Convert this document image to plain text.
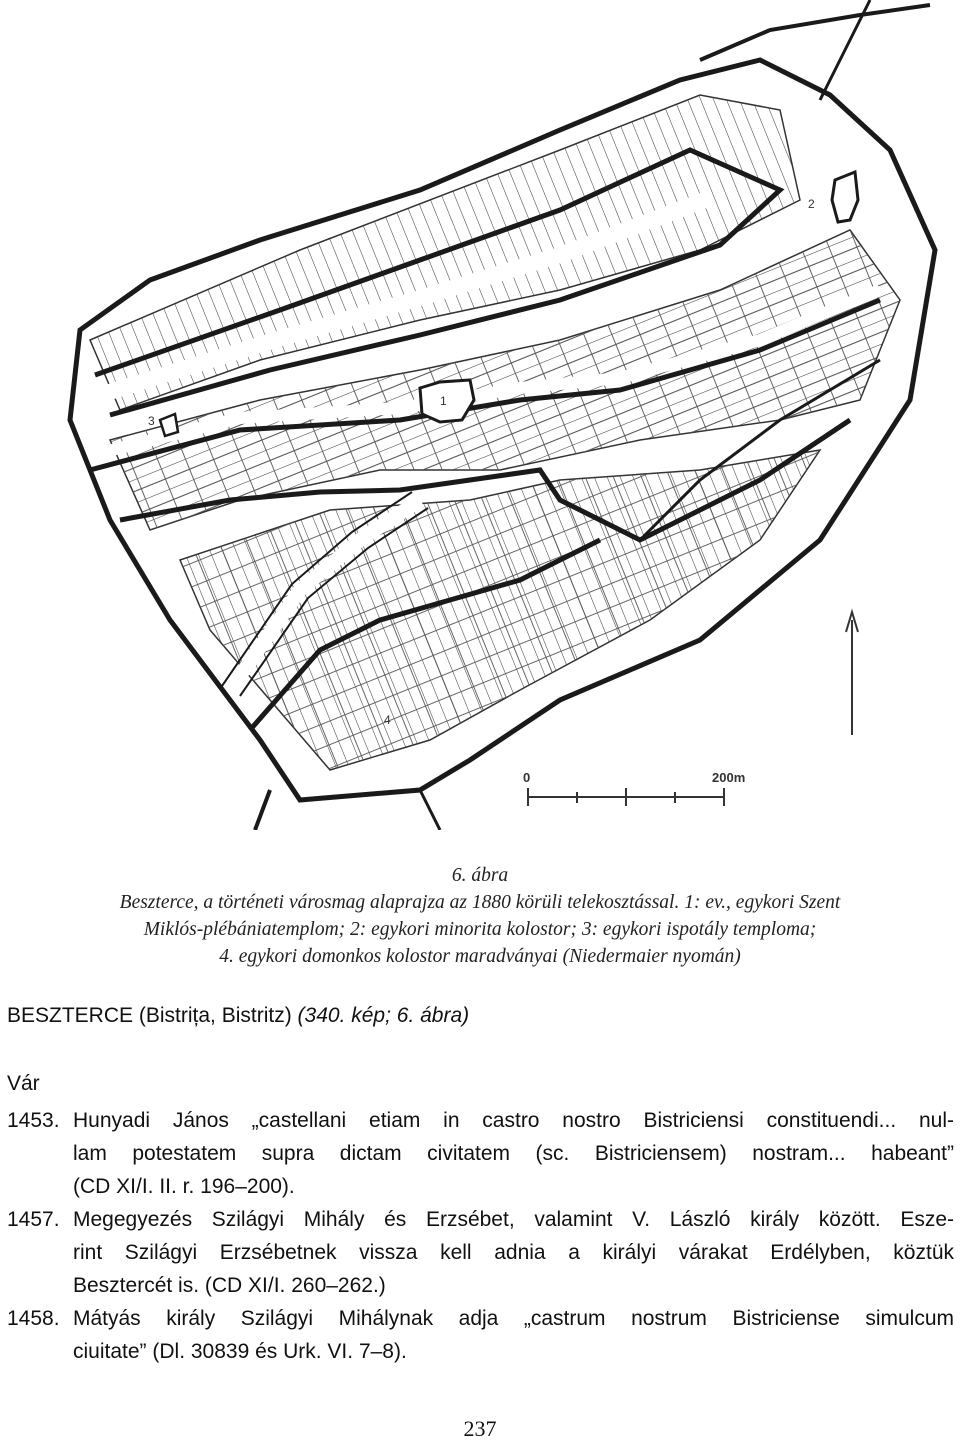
1
2
3
4
0	200m
6. ábra
Beszterce, a történeti városmag alaprajza az 1880 körüli telekosztással. 1: ev., egykori Szent
Miklós-plébániatemplom; 2: egykori minorita kolostor; 3: egykori ispotály temploma;
4. egykori domonkos kolostor maradványai (Niedermaier nyomán)
BESZTERCE (Bistrița, Bistritz) (340. kép; 6. ábra)
Vár
1453. Hunyadi János „castellani etiam in castro nostro Bistriciensi constituendi... nul-
lam potestatem supra dictam civitatem (sc. Bistriciensem) nostram... habeant”
(CD XI/I. II. r. 196–200).
1457. Megegyezés Szilágyi Mihály és Erzsébet, valamint V. László király között. Esze-
rint Szilágyi Erzsébetnek vissza kell adnia a királyi várakat Erdélyben, köztük
Besztercét is. (CD XI/I. 260–262.)
1458. Mátyás király Szilágyi Mihálynak adja „castrum nostrum Bistriciense simulcum
ciuitate” (Dl. 30839 és Urk. VI. 7–8).
237
